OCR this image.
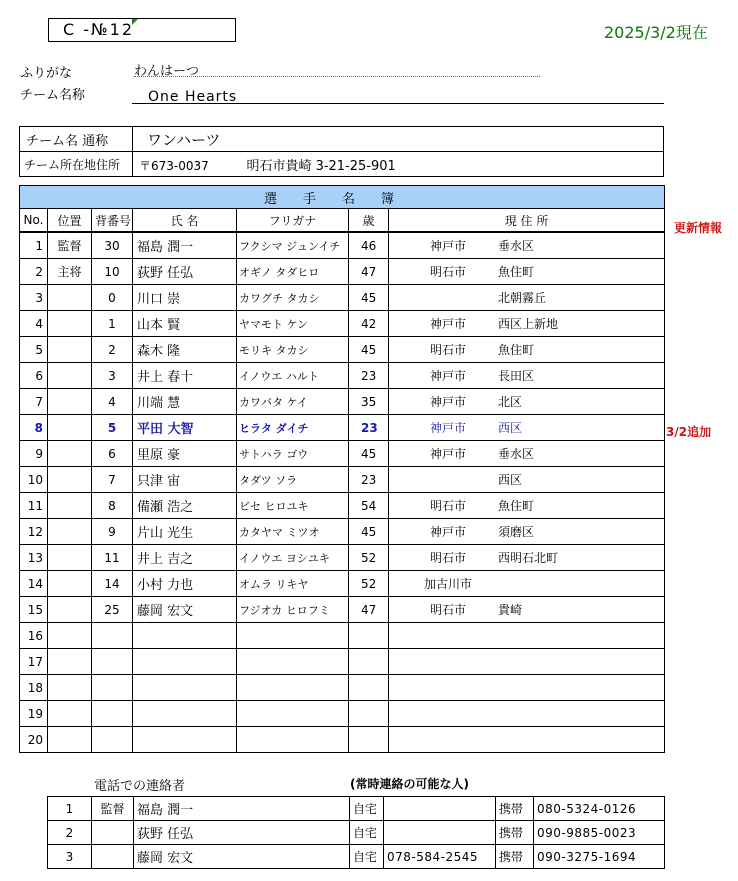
C -№12	2025/3/2現在
ふりがな	わんはーつ
チーム名称	One Hearts
チーム名 通称	ワンハーツ
チーム所在地住所	〒673-0037 明石市貴崎 3-21-25-901
選手名簿						
No.	位置	背番号	氏 名	フリガナ	歳	現 住 所
1	監督	30	福島 潤一	フクシマ ジュンイチ	46	神戸市 垂水区
2	主将	10	荻野 任弘	オギノ タダヒロ	47	明石市 魚住町
3		0	川口 崇	カワグチ タカシ	45	北朝霧丘
4		1	山本 賢	ヤマモト ケン	42	神戸市 西区上新地
5		2	森木 隆	モリキ タカシ	45	明石市 魚住町
6		3	井上 春十	イノウエ ハルト	23	神戸市 長田区
7		4	川端 慧	カワバタ ケイ	35	神戸市 北区
8		5	平田 大智	ヒラタ ダイチ	23	神戸市 西区
9		6	里原 豪	サトハラ ゴウ	45	神戸市 垂水区
10		7	只津 宙	タダツ ソラ	23	西区
11		8	備瀬 浩之	ビセ ヒロユキ	54	明石市 魚住町
12		9	片山 光生	カタヤマ ミツオ	45	神戸市 須磨区
13		11	井上 吉之	イノウエ ヨシユキ	52	明石市 西明石北町
14		14	小村 力也	オムラ リキヤ	52	加古川市
15		25	藤岡 宏文	フジオカ ヒロフミ	47	明石市 貴崎
16						
17						
18						
19						
20						
更新情報
3/2追加
電話での連絡者	(常時連絡の可能な人)
1	監督	福島 潤一	自宅		携帯	080-5324-0126
2		荻野 任弘	自宅		携帯	090-9885-0023
3		藤岡 宏文	自宅	078-584-2545	携帯	090-3275-1694
